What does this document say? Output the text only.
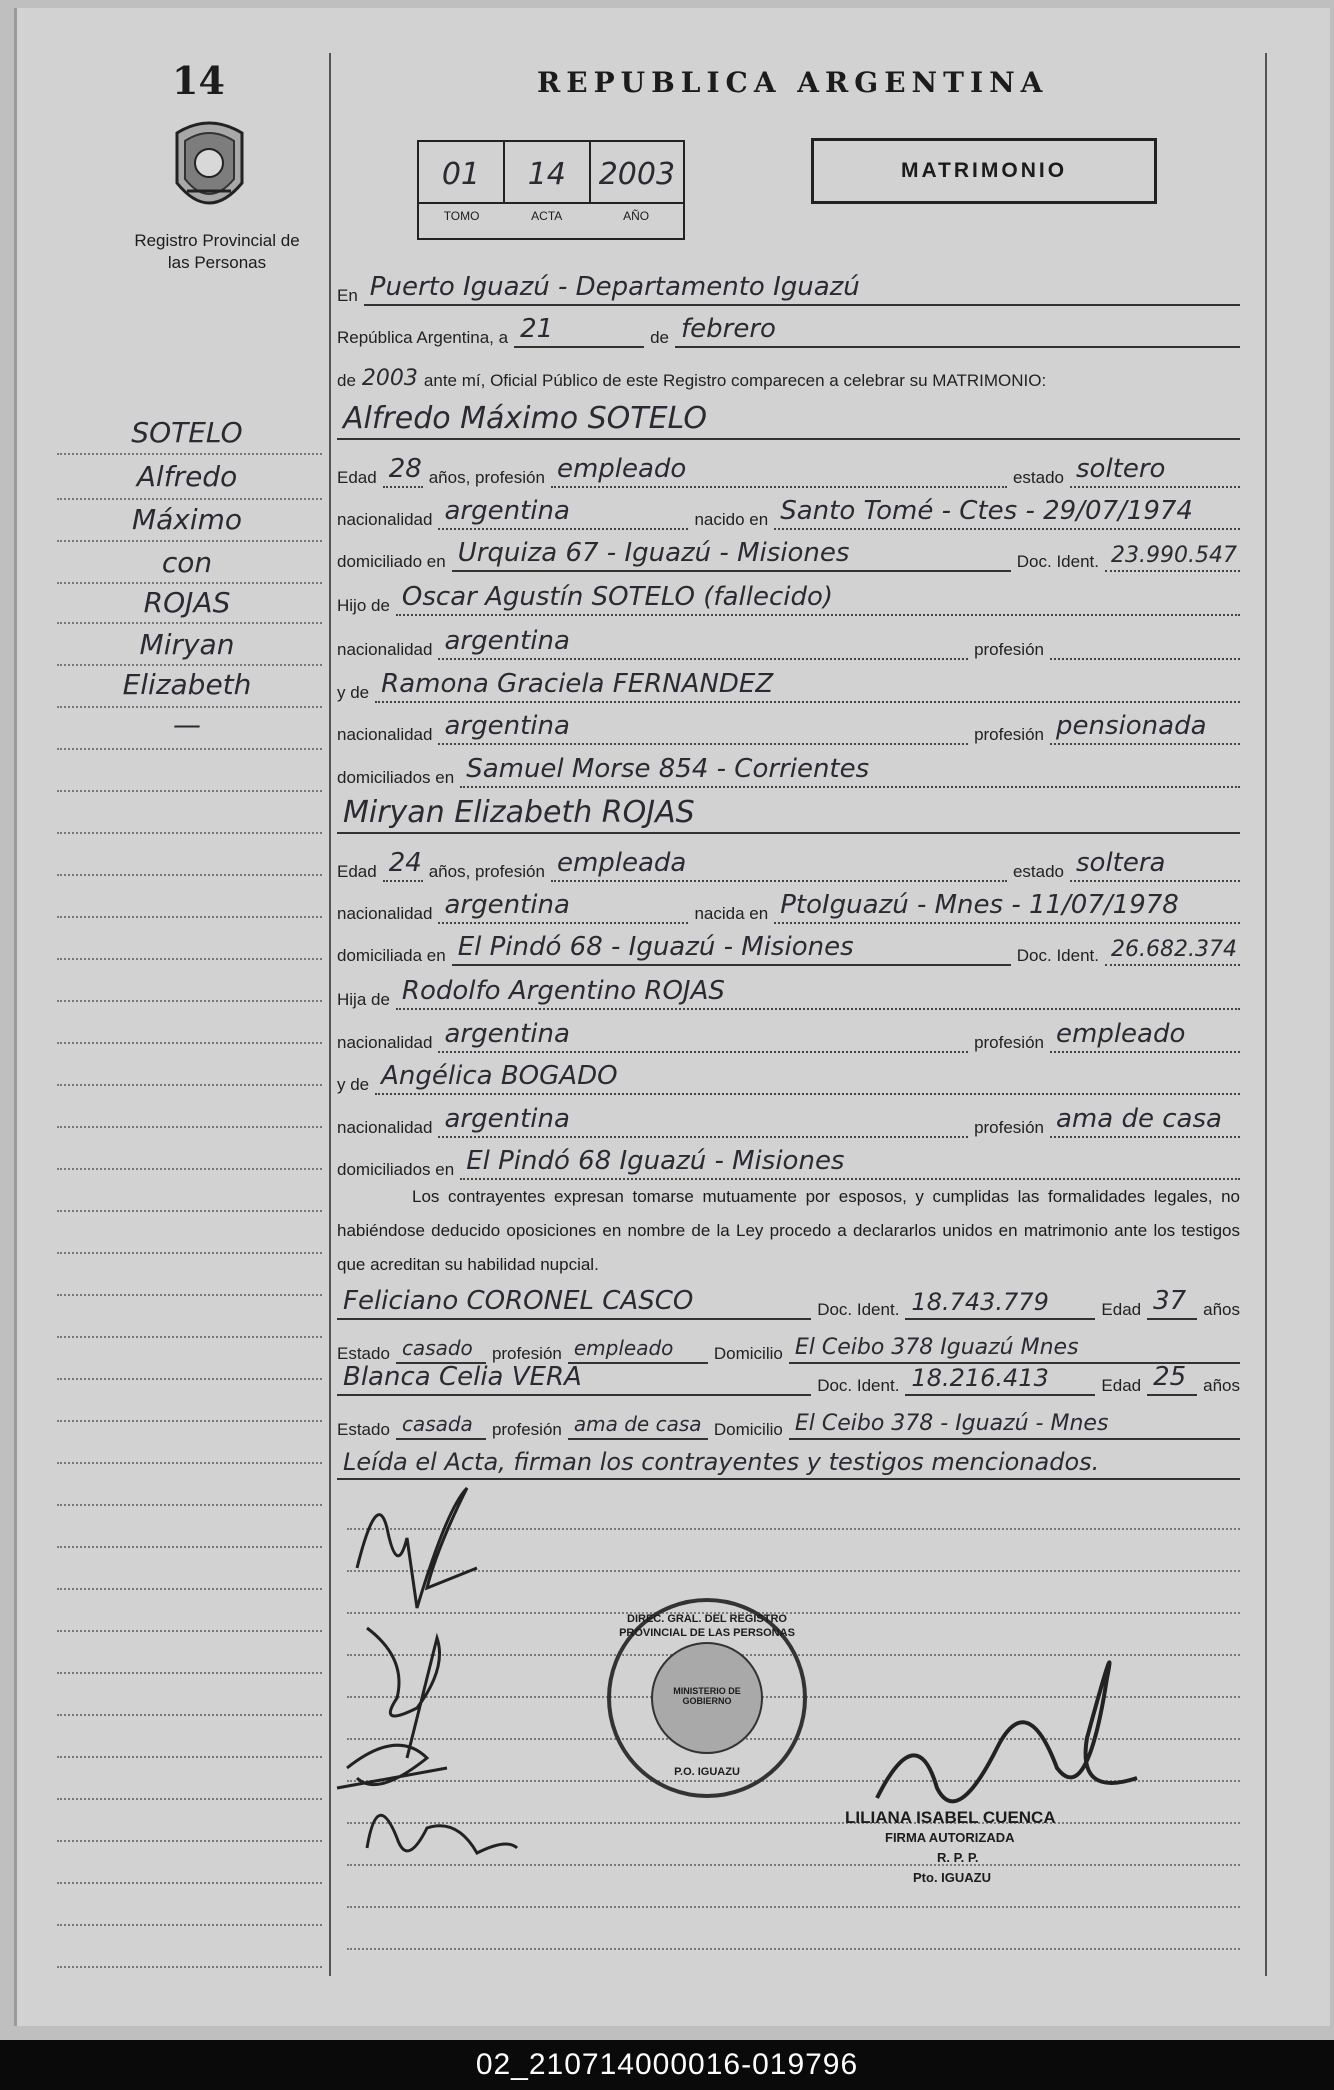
14
Registro Provincial de las Personas
REPUBLICA ARGENTINA
01	14	2003
TOMO	ACTA	AÑO
MATRIMONIO
SOTELO
Alfredo
Máximo
con
ROJAS
Miryan
Elizabeth
—
En Puerto Iguazú - Departamento Iguazú
República Argentina, a 21	de febrero
de 2003 ante mí, Oficial Público de este Registro comparecen a celebrar su MATRIMONIO:
Alfredo Máximo SOTELO
Edad 28 años, profesión empleado	estado soltero
nacionalidad argentina	nacido en Santo Tomé - Ctes - 29/07/1974
domiciliado en Urquiza 67 - Iguazú - Misiones	Doc. Ident. 23.990.547
Hijo de Oscar Agustín SOTELO (fallecido)
nacionalidad argentina	profesión
y de Ramona Graciela FERNANDEZ
nacionalidad argentina	profesión pensionada
domiciliados en Samuel Morse 854 - Corrientes
Miryan Elizabeth ROJAS
Edad 24 años, profesión empleada	estado soltera
nacionalidad argentina	nacida en PtoIguazú - Mnes - 11/07/1978
domiciliada en El Pindó 68 - Iguazú - Misiones	Doc. Ident. 26.682.374
Hija de Rodolfo Argentino ROJAS
nacionalidad argentina	profesión empleado
y de Angélica BOGADO
nacionalidad argentina	profesión ama de casa
domiciliados en El Pindó 68 Iguazú - Misiones
Los contrayentes expresan tomarse mutuamente por esposos, y cumplidas las formalidades legales, no habiéndose deducido oposiciones en nombre de la Ley procedo a declararlos unidos en matrimonio ante los testigos que acreditan su habilidad nupcial.
Feliciano CORONEL CASCO	Doc. Ident. 18.743.779	Edad 37 años
Estado casado profesión empleado Domicilio El Ceibo 378 Iguazú Mnes
Blanca Celia VERA	Doc. Ident. 18.216.413	Edad 25 años
Estado casada profesión ama de casa Domicilio El Ceibo 378 - Iguazú - Mnes
Leída el Acta, firman los contrayentes y testigos mencionados.
DIREC. GRAL. DEL REGISTRO PROVINCIAL DE LAS PERSONAS
MINISTERIO DE GOBIERNO
P.O. IGUAZU
LILIANA ISABEL CUENCA
FIRMA AUTORIZADA
R. P. P.
Pto. IGUAZU
02_210714000016-019796
